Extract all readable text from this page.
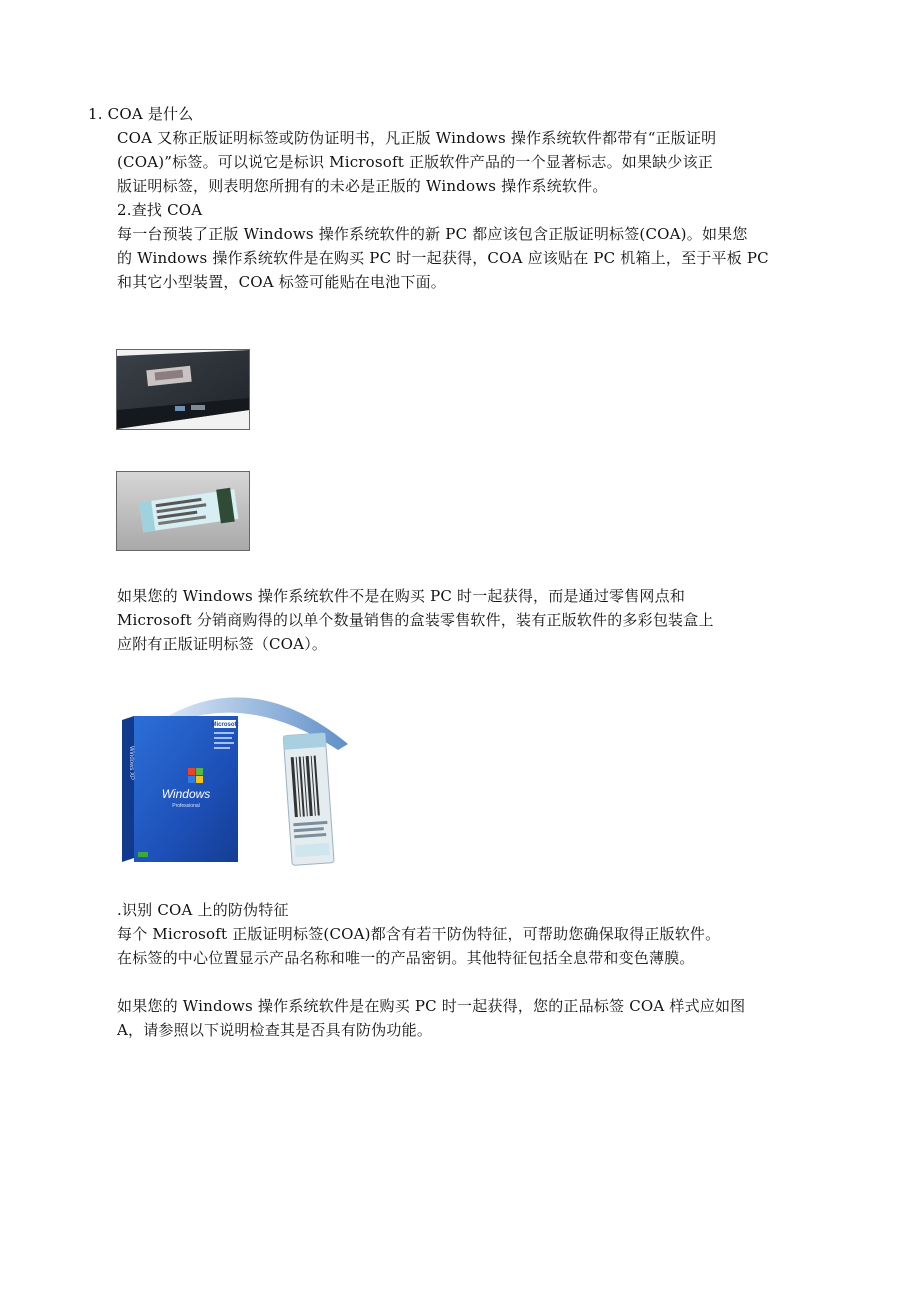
1. COA 是什么
COA 又称正版证明标签或防伪证明书，凡正版 Windows 操作系统软件都带有“正版证明
(COA)”标签。可以说它是标识 Microsoft 正版软件产品的一个显著标志。如果缺少该正
版证明标签，则表明您所拥有的未必是正版的 Windows 操作系统软件。
2.查找 COA
每一台预装了正版 Windows 操作系统软件的新 PC 都应该包含正版证明标签(COA)。如果您
的 Windows 操作系统软件是在购买 PC 时一起获得，COA 应该贴在 PC 机箱上，至于平板 PC
和其它小型装置，COA 标签可能贴在电池下面。
如果您的 Windows 操作系统软件不是在购买 PC 时一起获得，而是通过零售网点和
Microsoft 分销商购得的以单个数量销售的盒装零售软件，装有正版软件的多彩包装盒上
应附有正版证明标签（COA）。
Microsoft
Windows
Professional
Windows XP
.识别 COA 上的防伪特征
每个 Microsoft 正版证明标签(COA)都含有若干防伪特征，可帮助您确保取得正版软件。
在标签的中心位置显示产品名称和唯一的产品密钥。其他特征包括全息带和变色薄膜。
如果您的 Windows 操作系统软件是在购买 PC 时一起获得，您的正品标签 COA 样式应如图
A，请参照以下说明检查其是否具有防伪功能。
